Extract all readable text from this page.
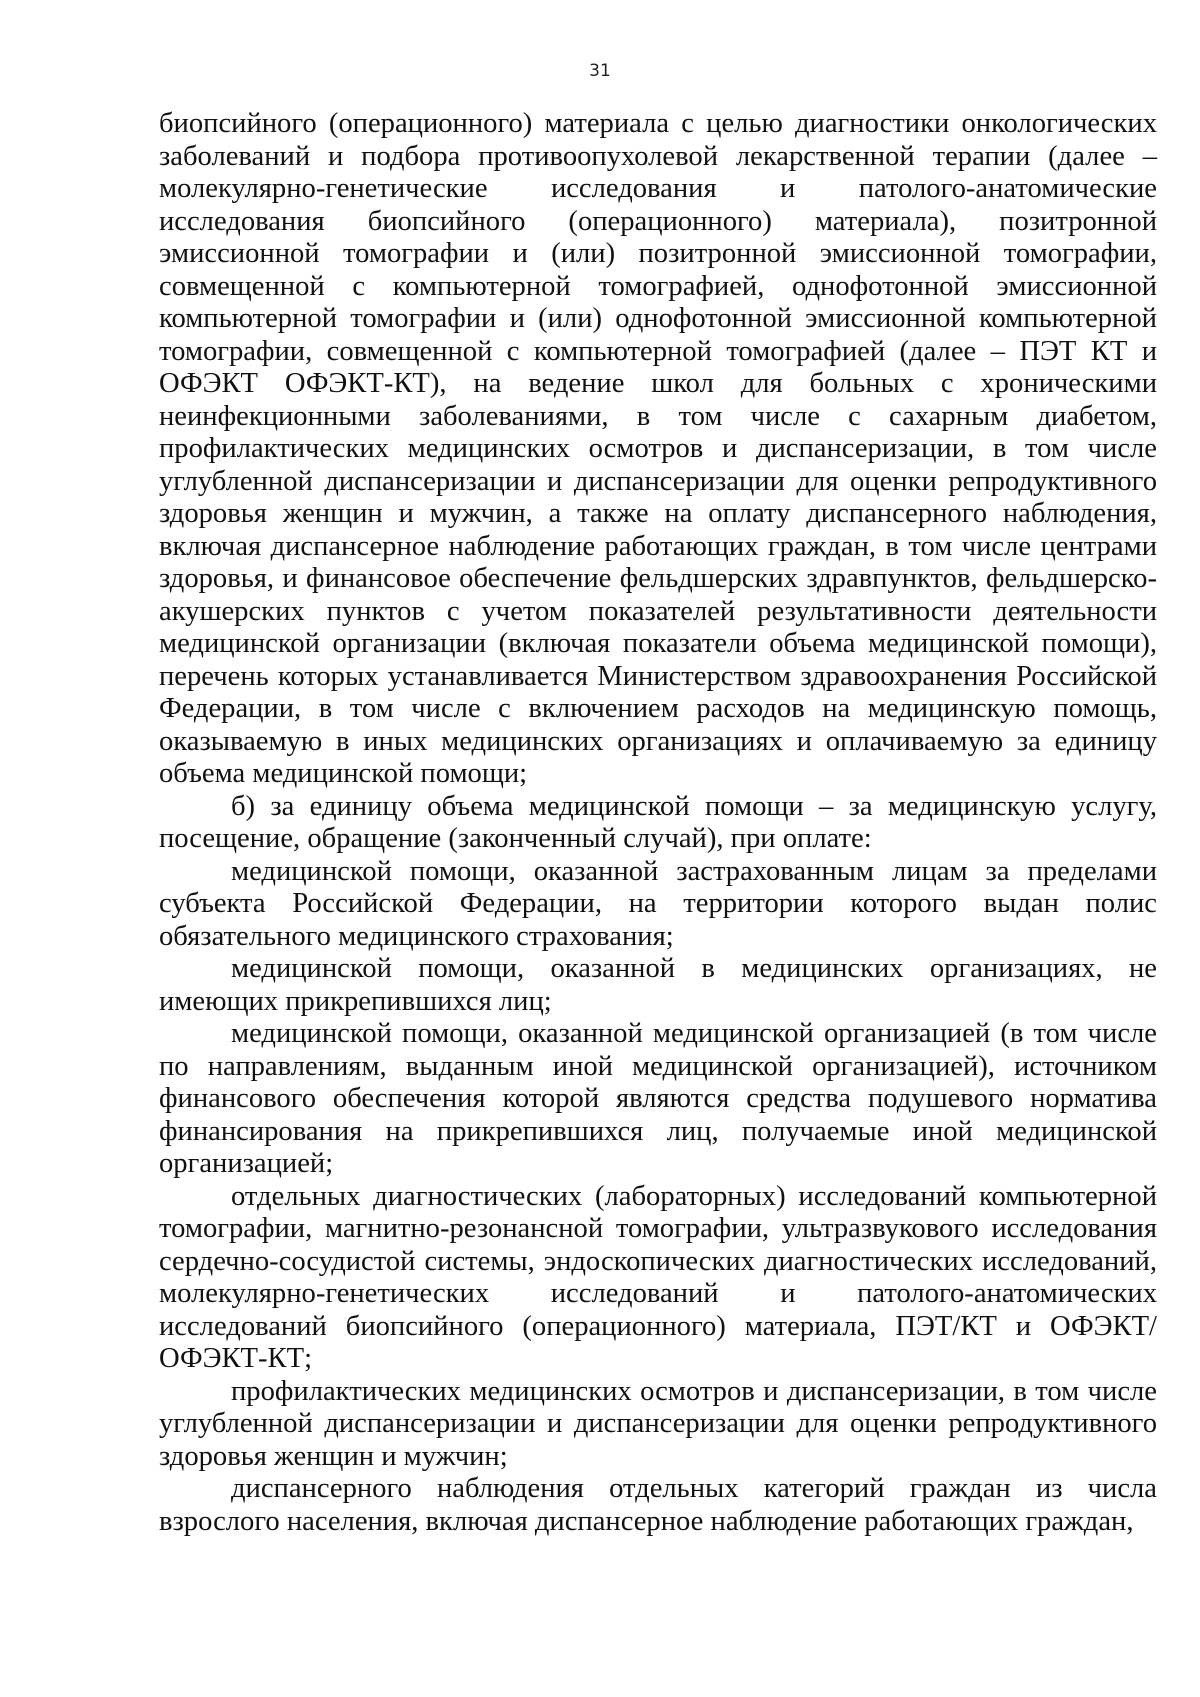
31

биопсийного (операционного) материала с целью диагностики онкологических заболеваний и подбора противоопухолевой лекарственной терапии (далее – молекулярно-генетические исследования и патолого-анатомические исследования биопсийного (операционного) материала), позитронной эмиссионной томографии и (или) позитронной эмиссионной томографии, совмещенной с компьютерной томографией, однофотонной эмиссионной компьютерной томографии и (или) однофотонной эмиссионной компьютерной томографии, совмещенной с компьютерной томографией (далее – ПЭТ КТ и ОФЭКТ ОФЭКТ-КТ), на ведение школ для больных с хроническими неинфекционными заболеваниями, в том числе с сахарным диабетом, профилактических медицинских осмотров и диспансеризации, в том числе углубленной диспансеризации и диспансеризации для оценки репродуктивного здоровья женщин и мужчин, а также на оплату диспансерного наблюдения, включая диспансерное наблюдение работающих граждан, в том числе центрами здоровья, и финансовое обеспечение фельдшерских здравпунктов, фельдшерско-акушерских пунктов с учетом показателей результативности деятельности медицинской организации (включая показатели объема медицинской помощи), перечень которых устанавливается Министерством здравоохранения Российской Федерации, в том числе с включением расходов на медицинскую помощь, оказываемую в иных медицинских организациях и оплачиваемую за единицу объема медицинской помощи;

б) за единицу объема медицинской помощи – за медицинскую услугу, посещение, обращение (законченный случай), при оплате:

медицинской помощи, оказанной застрахованным лицам за пределами субъекта Российской Федерации, на территории которого выдан полис обязательного медицинского страхования;

медицинской помощи, оказанной в медицинских организациях, не имеющих прикрепившихся лиц;

медицинской помощи, оказанной медицинской организацией (в том числе по направлениям, выданным иной медицинской организацией), источником финансового обеспечения которой являются средства подушевого норматива финансирования на прикрепившихся лиц, получаемые иной медицинской организацией;

отдельных диагностических (лабораторных) исследований компьютерной томографии, магнитно-резонансной томографии, ультразвукового исследования сердечно-сосудистой системы, эндоскопических диагностических исследований, молекулярно-генетических исследований и патолого-анатомических исследований биопсийного (операционного) материала, ПЭТ/КТ и ОФЭКТ/ОФЭКТ-КТ;

профилактических медицинских осмотров и диспансеризации, в том числе углубленной диспансеризации и диспансеризации для оценки репродуктивного здоровья женщин и мужчин;

диспансерного наблюдения отдельных категорий граждан из числа взрослого населения, включая диспансерное наблюдение работающих граждан,
